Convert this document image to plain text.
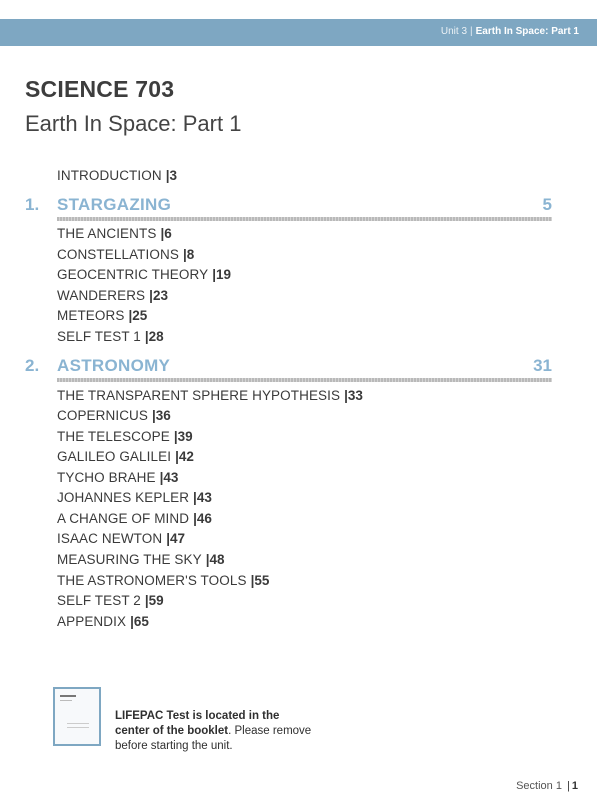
Unit 3 | Earth In Space: Part 1
SCIENCE 703
Earth In Space: Part 1
INTRODUCTION |3
1. STARGAZING	5
THE ANCIENTS |6
CONSTELLATIONS |8
GEOCENTRIC THEORY |19
WANDERERS |23
METEORS |25
SELF TEST 1 |28
2. ASTRONOMY	31
THE TRANSPARENT SPHERE HYPOTHESIS |33
COPERNICUS |36
THE TELESCOPE |39
GALILEO GALILEI |42
TYCHO BRAHE |43
JOHANNES KEPLER |43
A CHANGE OF MIND |46
ISAAC NEWTON |47
MEASURING THE SKY |48
THE ASTRONOMER'S TOOLS |55
SELF TEST 2 |59
APPENDIX |65
LIFEPAC Test is located in the center of the booklet. Please remove before starting the unit.
Section 1 | 1
